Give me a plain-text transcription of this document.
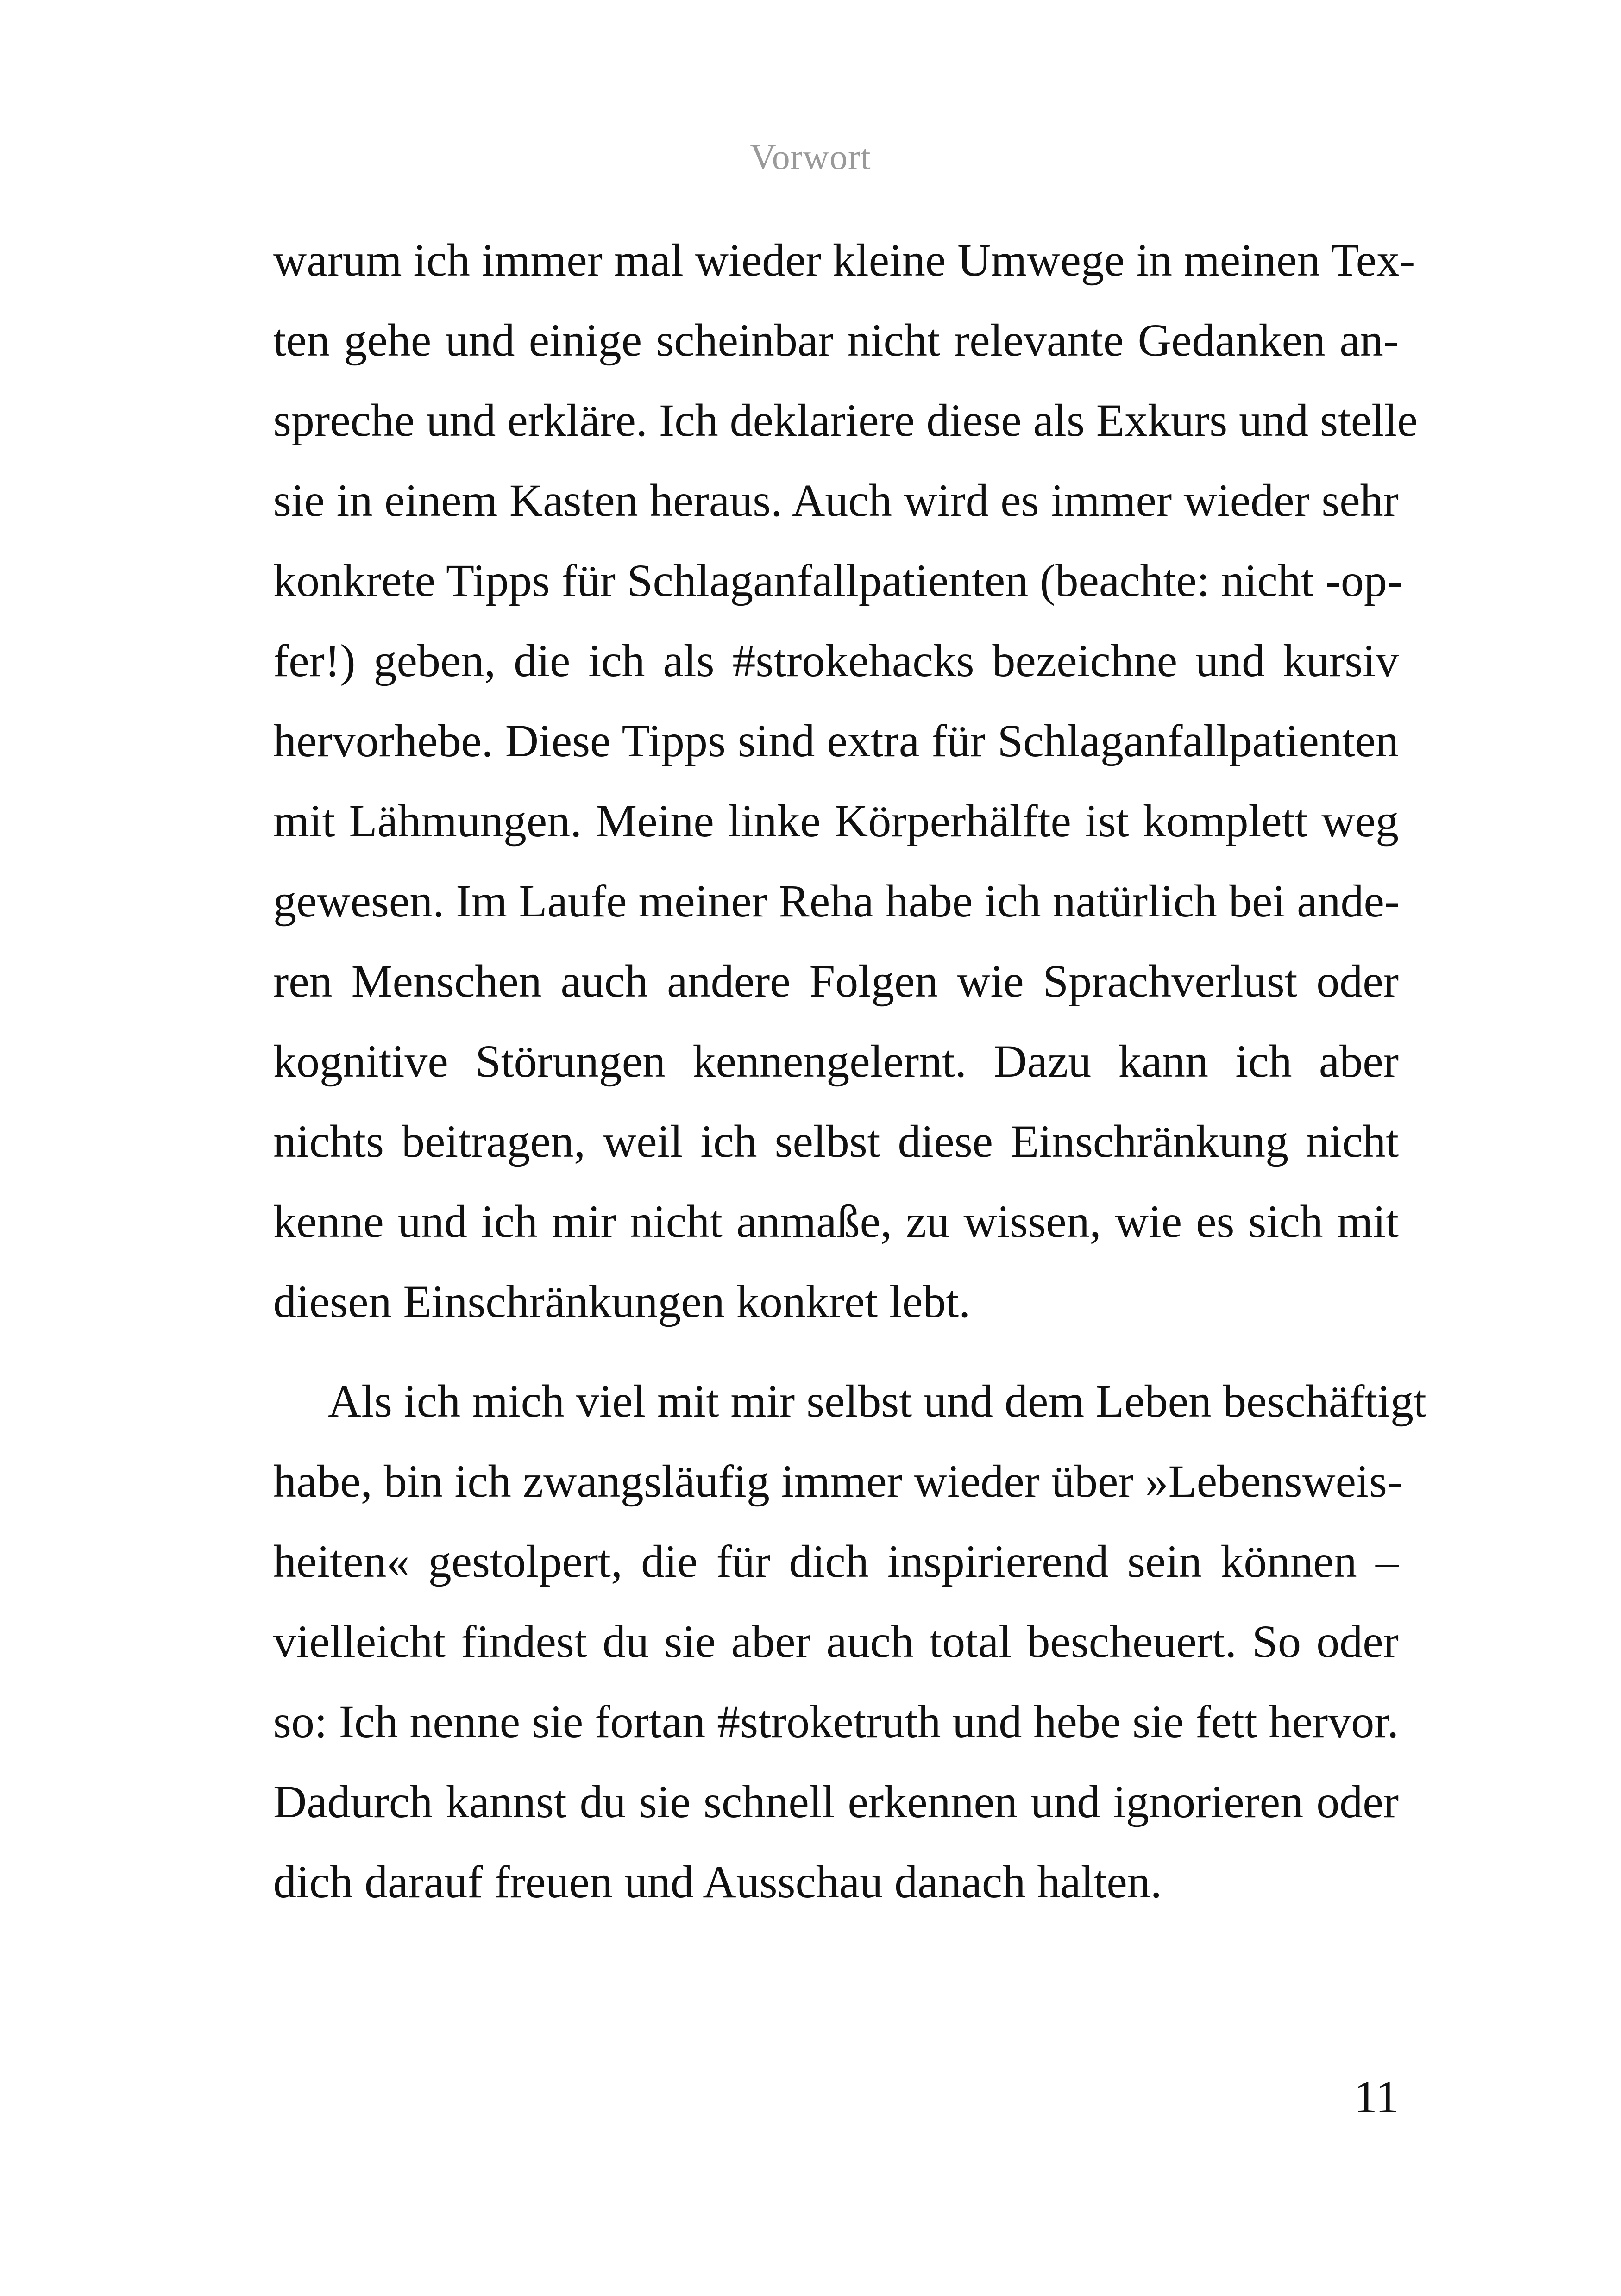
Vorwort
warum ich immer mal wieder kleine Umwege in meinen Tex-
ten gehe und einige scheinbar nicht relevante Gedanken an-
spreche und erkläre. Ich deklariere diese als Exkurs und stelle
sie in einem Kasten heraus. Auch wird es immer wieder sehr
konkrete Tipps für Schlaganfallpatienten (beachte: nicht -op-
fer!) geben, die ich als #strokehacks bezeichne und kursiv
hervorhebe. Diese Tipps sind extra für Schlaganfallpatienten
mit Lähmungen. Meine linke Körperhälfte ist komplett weg
gewesen. Im Laufe meiner Reha habe ich natürlich bei ande-
ren Menschen auch andere Folgen wie Sprachverlust oder
kognitive Störungen kennengelernt. Dazu kann ich aber
nichts beitragen, weil ich selbst diese Einschränkung nicht
kenne und ich mir nicht anmaße, zu wissen, wie es sich mit
diesen Einschränkungen konkret lebt.
Als ich mich viel mit mir selbst und dem Leben beschäftigt
habe, bin ich zwangsläufig immer wieder über »Lebensweis-
heiten« gestolpert, die für dich inspirierend sein können –
vielleicht findest du sie aber auch total bescheuert. So oder
so: Ich nenne sie fortan #stroketruth und hebe sie fett hervor.
Dadurch kannst du sie schnell erkennen und ignorieren oder
dich darauf freuen und Ausschau danach halten.
11
